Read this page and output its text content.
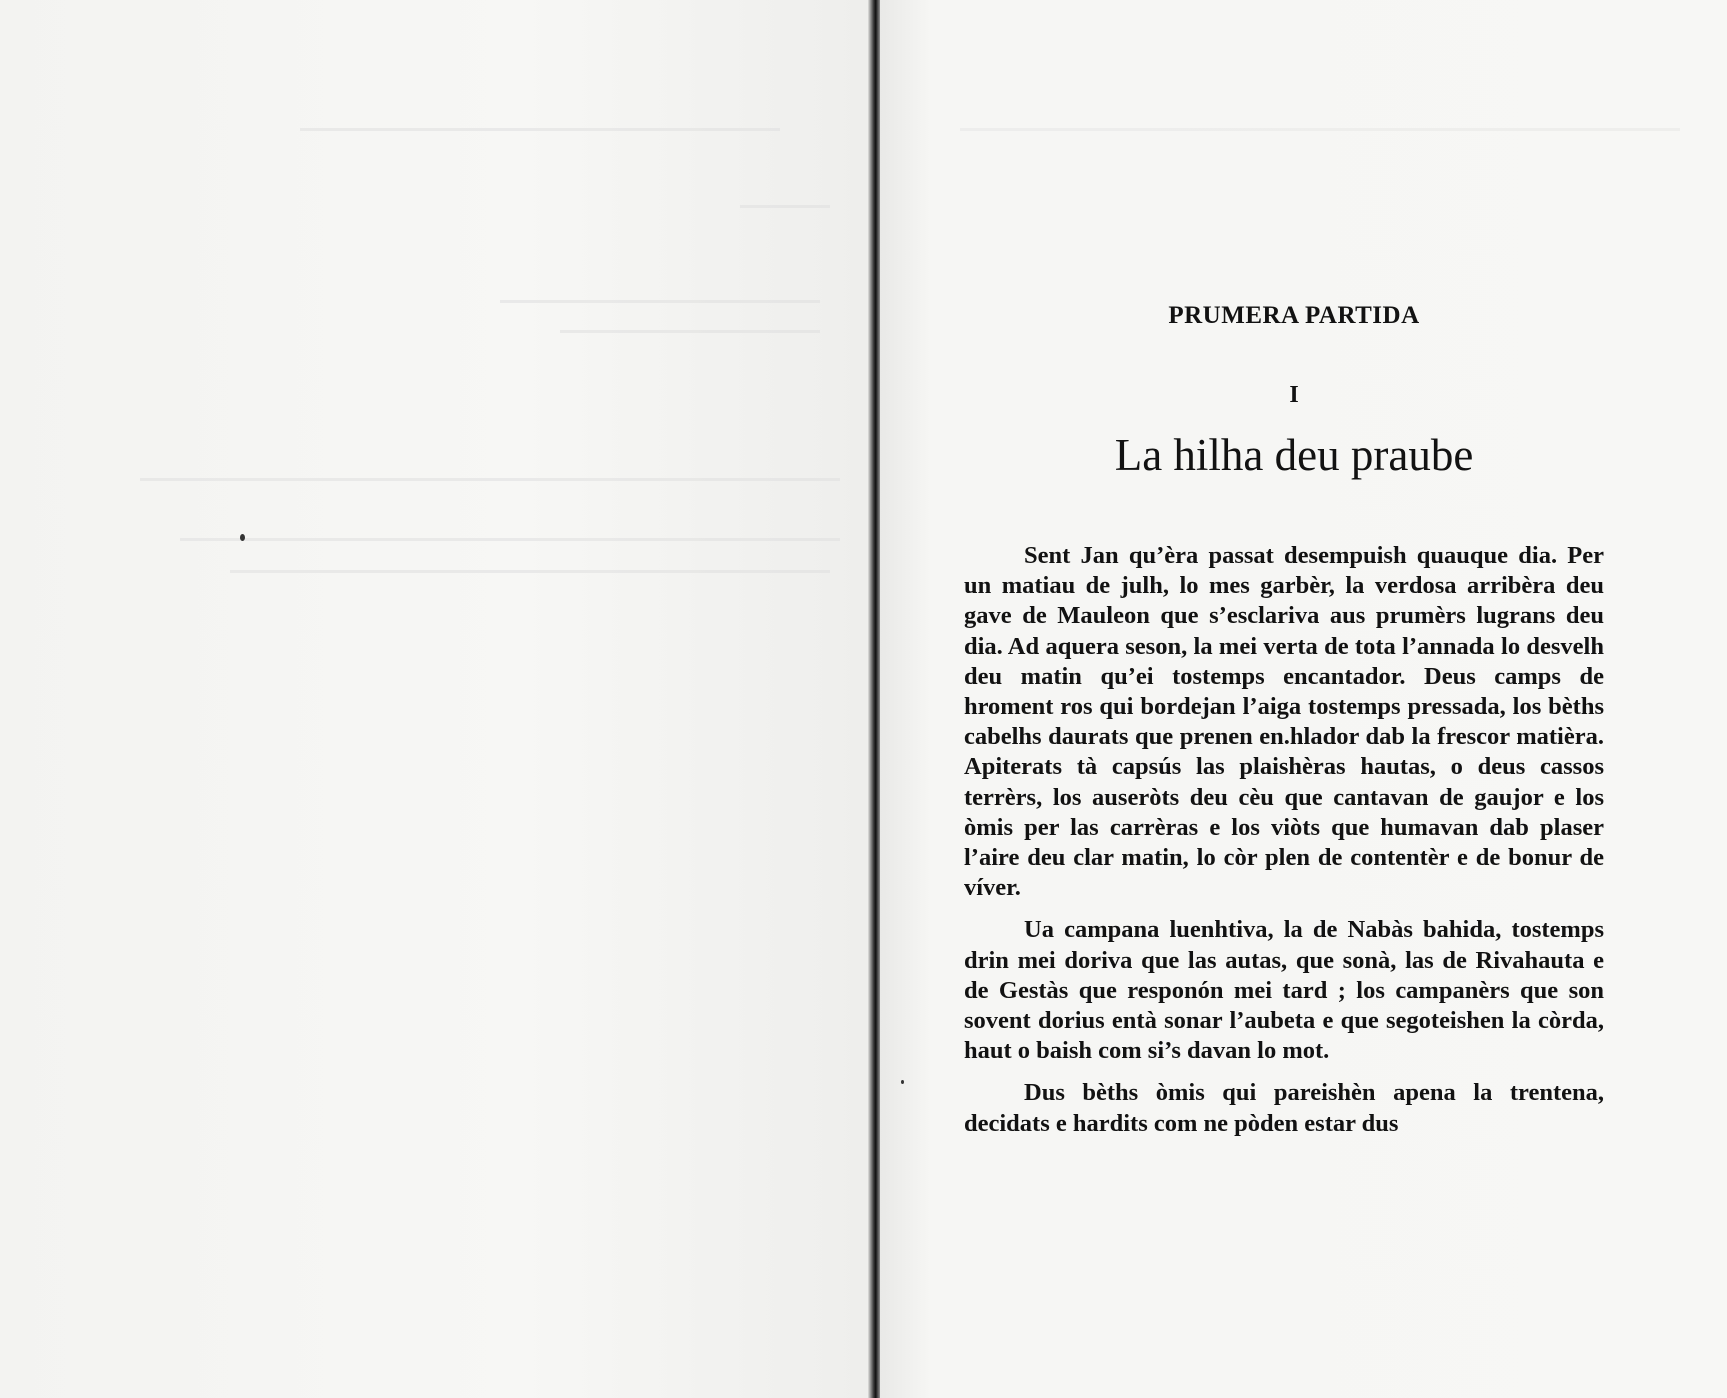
PRUMERA PARTIDA
I
La hilha deu praube

Sent Jan qu’èra passat desempuish quauque dia. Per un matiau de julh, lo mes garbèr, la verdosa arribèra deu gave de Mauleon que s’esclariva aus prumèrs lugrans deu dia. Ad aquera seson, la mei verta de tota l’annada lo desvelh deu matin qu’ei tostemps encantador. Deus camps de hroment ros qui bordejan l’aiga tostemps pressada, los bèths cabelhs daurats que prenen en.hlador dab la frescor matièra. Apiterats tà capsús las plaishèras hautas, o deus cassos terrèrs, los auseròts deu cèu que cantavan de gaujor e los òmis per las carrèras e los viòts que humavan dab plaser l’aire deu clar matin, lo còr plen de contentèr e de bonur de víver.

Ua campana luenhtiva, la de Nabàs bahida, tostemps drin mei doriva que las autas, que sonà, las de Rivahauta e de Gestàs que responón mei tard ; los campanèrs que son sovent dorius entà sonar l’aubeta e que segoteishen la còrda, haut o baish com si’s davan lo mot.

Dus bèths òmis qui pareishèn apena la trentena, decidats e hardits com ne pòden estar dus
